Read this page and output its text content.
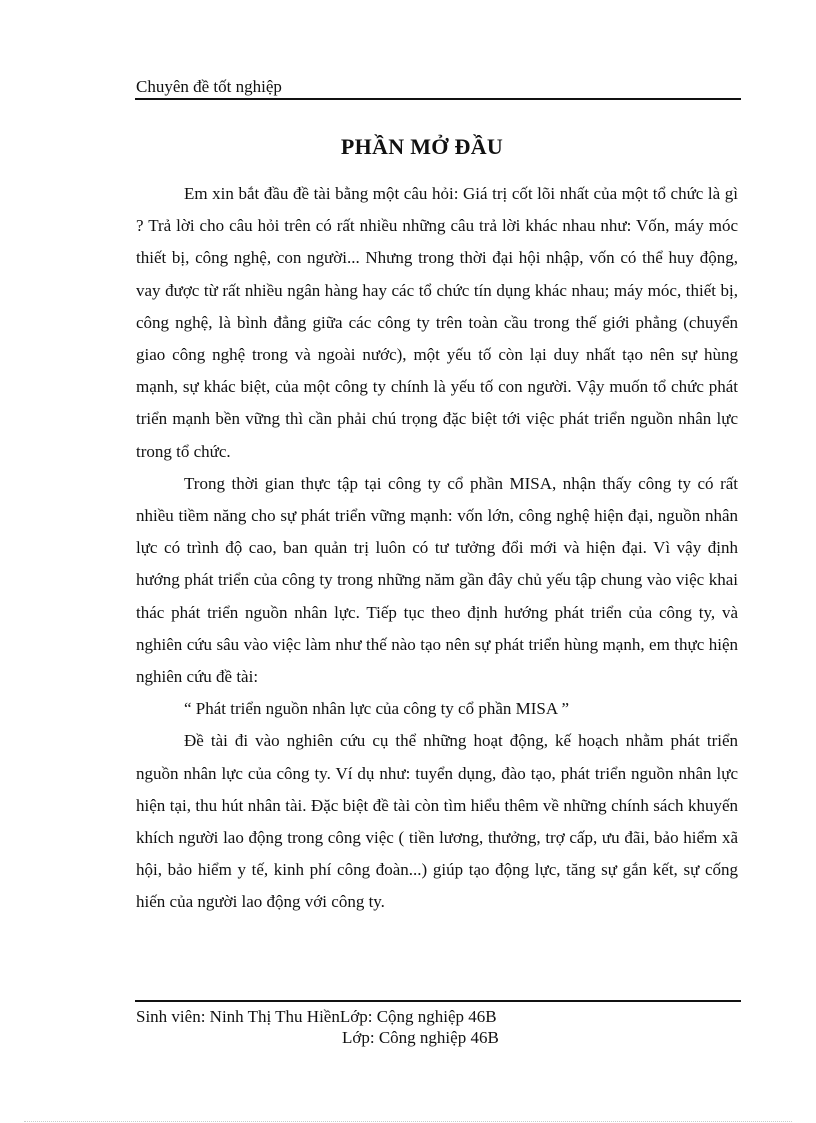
Chuyên đề tốt nghiệp
PHẦN MỞ ĐẦU

Em xin bắt đầu đề tài bằng một câu hỏi: Giá trị cốt lõi nhất của một tổ chức là gì ? Trả lời cho câu hỏi trên có rất nhiều những câu trả lời khác nhau như: Vốn, máy móc thiết bị, công nghệ, con người... Nhưng trong thời đại hội nhập, vốn có thể huy động, vay được từ rất nhiều ngân hàng hay các tổ chức tín dụng khác nhau; máy móc, thiết bị, công nghệ, là bình đẳng giữa các công ty trên toàn cầu trong thế giới phẳng (chuyển giao công nghệ trong và ngoài nước), một yếu tố còn lại duy nhất tạo nên sự hùng mạnh, sự khác biệt, của một công ty chính là yếu tố con người. Vậy muốn tổ chức phát triển mạnh bền vững thì cần phải chú trọng đặc biệt tới việc phát triển nguồn nhân lực trong tổ chức.

Trong thời gian thực tập tại công ty cổ phần MISA, nhận thấy công ty có rất nhiều tiềm năng cho sự phát triển vững mạnh: vốn lớn, công nghệ hiện đại, nguồn nhân lực có trình độ cao, ban quản trị luôn có tư tưởng đổi mới và hiện đại. Vì vậy định hướng phát triển của công ty trong những năm gần đây chủ yếu tập chung vào việc khai thác phát triển nguồn nhân lực. Tiếp tục theo định hướng phát triển của công ty, và nghiên cứu sâu vào việc làm như thế nào tạo nên sự phát triển hùng mạnh, em thực hiện nghiên cứu đề tài:

“ Phát triển nguồn nhân lực của công ty cổ phần MISA ”

Đề tài đi vào nghiên cứu cụ thể những hoạt động, kế hoạch nhằm phát triển nguồn nhân lực của công ty. Ví dụ như: tuyển dụng, đào tạo, phát triển nguồn nhân lực hiện tại, thu hút nhân tài. Đặc biệt đề tài còn tìm hiểu thêm về những chính sách khuyến khích người lao động trong công việc ( tiền lương, thưởng, trợ cấp, ưu đãi, bảo hiểm xã hội, bảo hiểm y tế, kinh phí công đoàn...) giúp tạo động lực, tăng sự gắn kết, sự cống hiến của người lao động với công ty.

Sinh viên: Ninh Thị Thu HiềnLớp: Cộng nghiệp 46B
Lớp: Công nghiệp 46B
